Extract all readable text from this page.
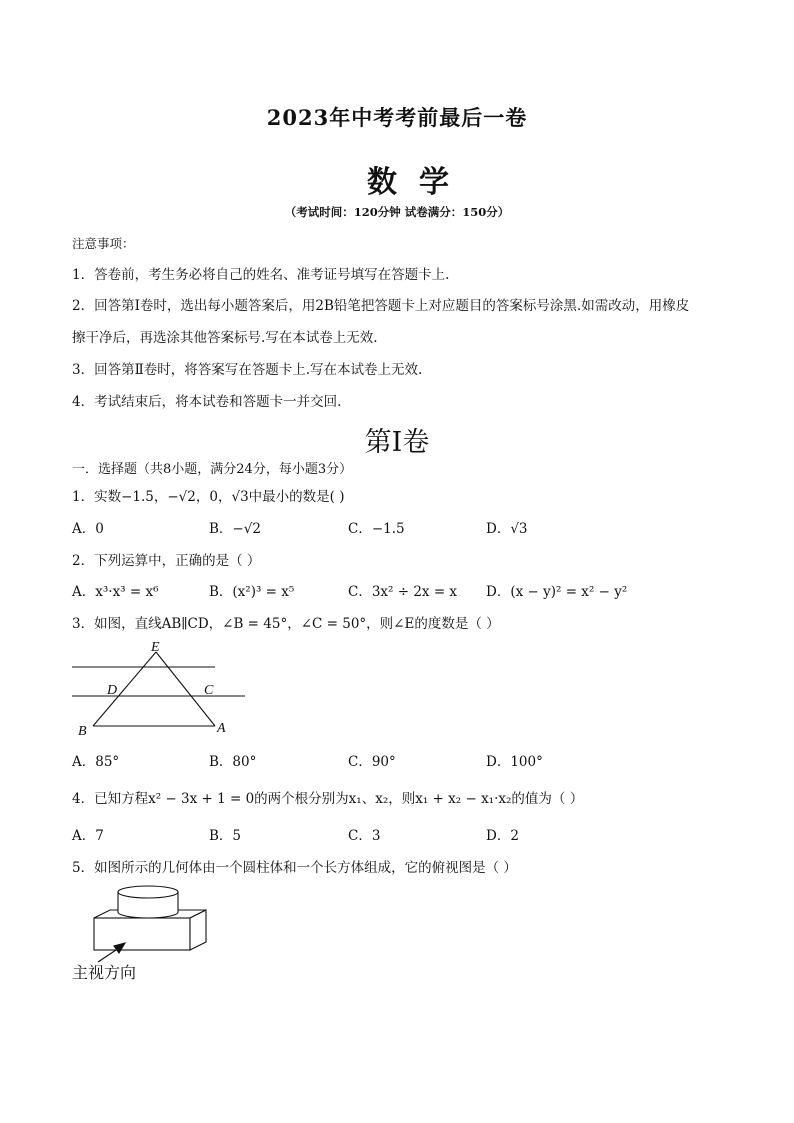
2023年中考考前最后一卷
数学
（考试时间：120分钟 试卷满分：150分）
注意事项：
1．答卷前，考生务必将自己的姓名、准考证号填写在答题卡上.
2．回答第Ⅰ卷时，选出每小题答案后，用2B铅笔把答题卡上对应题目的答案标号涂黑.如需改动，用橡皮
擦干净后，再选涂其他答案标号.写在本试卷上无效.
3．回答第Ⅱ卷时，将答案写在答题卡上.写在本试卷上无效.
4．考试结束后，将本试卷和答题卡一并交回.
第Ⅰ卷
一．选择题（共8小题，满分24分，每小题3分）
1．实数−1.5，−√2，0，√3中最小的数是( )
A．0	B．−√2	C．−1.5	D．√3
2．下列运算中，正确的是（ ）
A．x³·x³ = x⁶	B．(x²)³ = x⁵	C．3x² ÷ 2x = x D．(x − y)² = x² − y²
3．如图，直线AB∥CD，∠B = 45°，∠C = 50°，则∠E的度数是（ ）
E
D	C
B	A
A．85°	B．80°	C．90°	D．100°
4．已知方程x² − 3x + 1 = 0的两个根分别为x₁、x₂，则x₁ + x₂ − x₁·x₂的值为（ ）
A．7	B．5	C．3	D．2
5．如图所示的几何体由一个圆柱体和一个长方体组成，它的俯视图是（ ）
主视方向
